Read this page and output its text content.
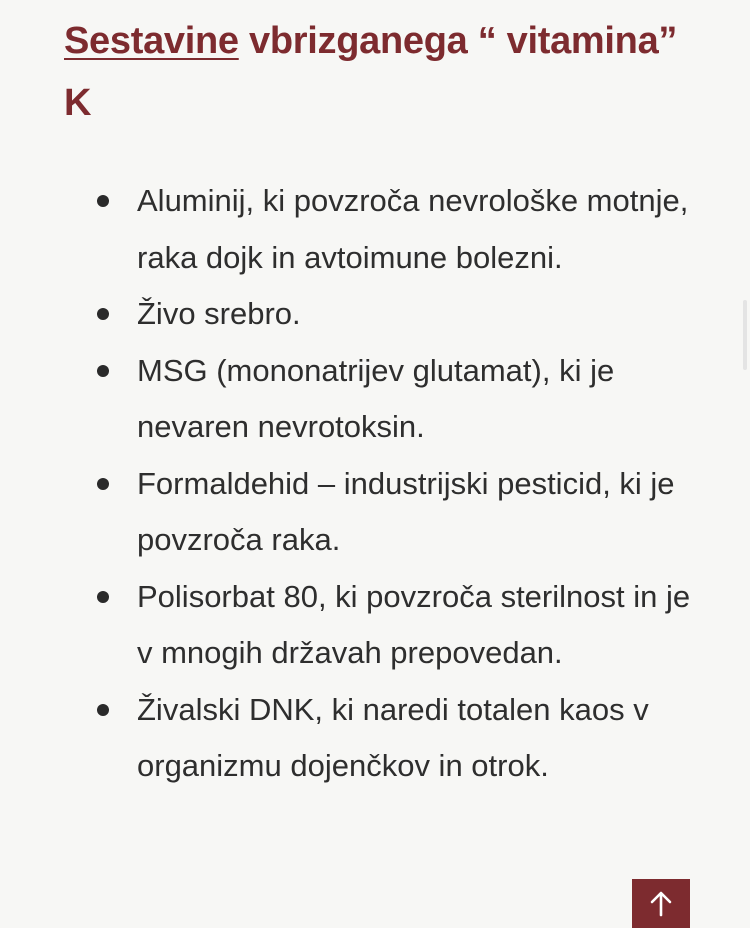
Sestavine vbrizganega “ vitamina” K
Aluminij, ki povzroča nevrološke motnje, raka dojk in avtoimune bolezni.
Živo srebro.
MSG (mononatrijev glutamat), ki je nevaren nevrotoksin.
Formaldehid – industrijski pesticid, ki je povzroča raka.
Polisorbat 80, ki povzroča sterilnost in je v mnogih državah prepovedan.
Živalski DNK, ki naredi totalen kaos v organizmu dojenčkov in otrok.
